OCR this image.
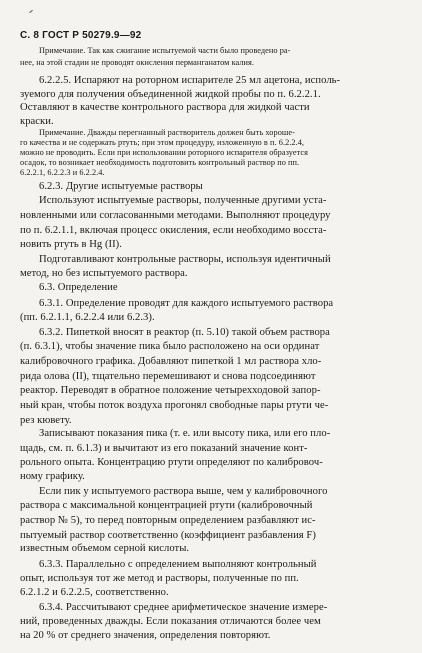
С. 8 ГОСТ Р 50279.9—92
Примечание. Так как сжигание испытуемой части было проведено ра-
нее, на этой стадии не проводят окисления перманганатом калия.
6.2.2.5. Испаряют на роторном испарителе 25 мл ацетона, исполь-
зуемого для получения объединенной жидкой пробы по п. 6.2.2.1.
Оставляют в качестве контрольного раствора для жидкой части
краски.
Примечание. Дважды перегнанный растворитель должен быть хороше-
го качества и не содержать ртуть; при этом процедуру, изложенную в п. 6.2.2.4,
можно не проводить. Если при использовании роторного испарителя образуется
осадок, то возникает необходимость подготовить контрольный раствор по пп.
6.2.2.1, 6.2.2.3 и 6.2.2.4.
6.2.3. Другие испытуемые растворы
Используют испытуемые растворы, полученные другими уста-
новленными или согласованными методами. Выполняют процедуру
по п. 6.2.1.1, включая процесс окисления, если необходимо восста-
новить ртуть в Hg (II).
Подготавливают контрольные растворы, используя идентичный
метод, но без испытуемого раствора.
6.3. Определение
6.3.1. Определение проводят для каждого испытуемого раствора
(пп. 6.2.1.1, 6.2.2.4 или 6.2.3).
6.3.2. Пипеткой вносят в реактор (п. 5.10) такой объем раствора
(п. 6.3.1), чтобы значение пика было расположено на оси ординат
калибровочного графика. Добавляют пипеткой 1 мл раствора хло-
рида олова (II), тщательно перемешивают и снова подсоединяют
реактор. Переводят в обратное положение четырехходовой запор-
ный кран, чтобы поток воздуха прогонял свободные пары ртути че-
рез кювету.
Записывают показания пика (т. е. или высоту пика, или его пло-
щадь, см. п. 6.1.3) и вычитают из его показаний значение конт-
рольного опыта. Концентрацию ртути определяют по калибровоч-
ному графику.
Если пик у испытуемого раствора выше, чем у калибровочного
раствора с максимальной концентрацией ртути (калибровочный
раствор № 5), то перед повторным определением разбавляют ис-
пытуемый раствор соответственно (коэффициент разбавления F)
известным объемом серной кислоты.
6.3.3. Параллельно с определением выполняют контрольный
опыт, используя тот же метод и растворы, полученные по пп.
6.2.1.2 и 6.2.2.5, соответственно.
6.3.4. Рассчитывают среднее арифметическое значение измере-
ний, проведенных дважды. Если показания отличаются более чем
на 20 % от среднего значения, определения повторяют.
